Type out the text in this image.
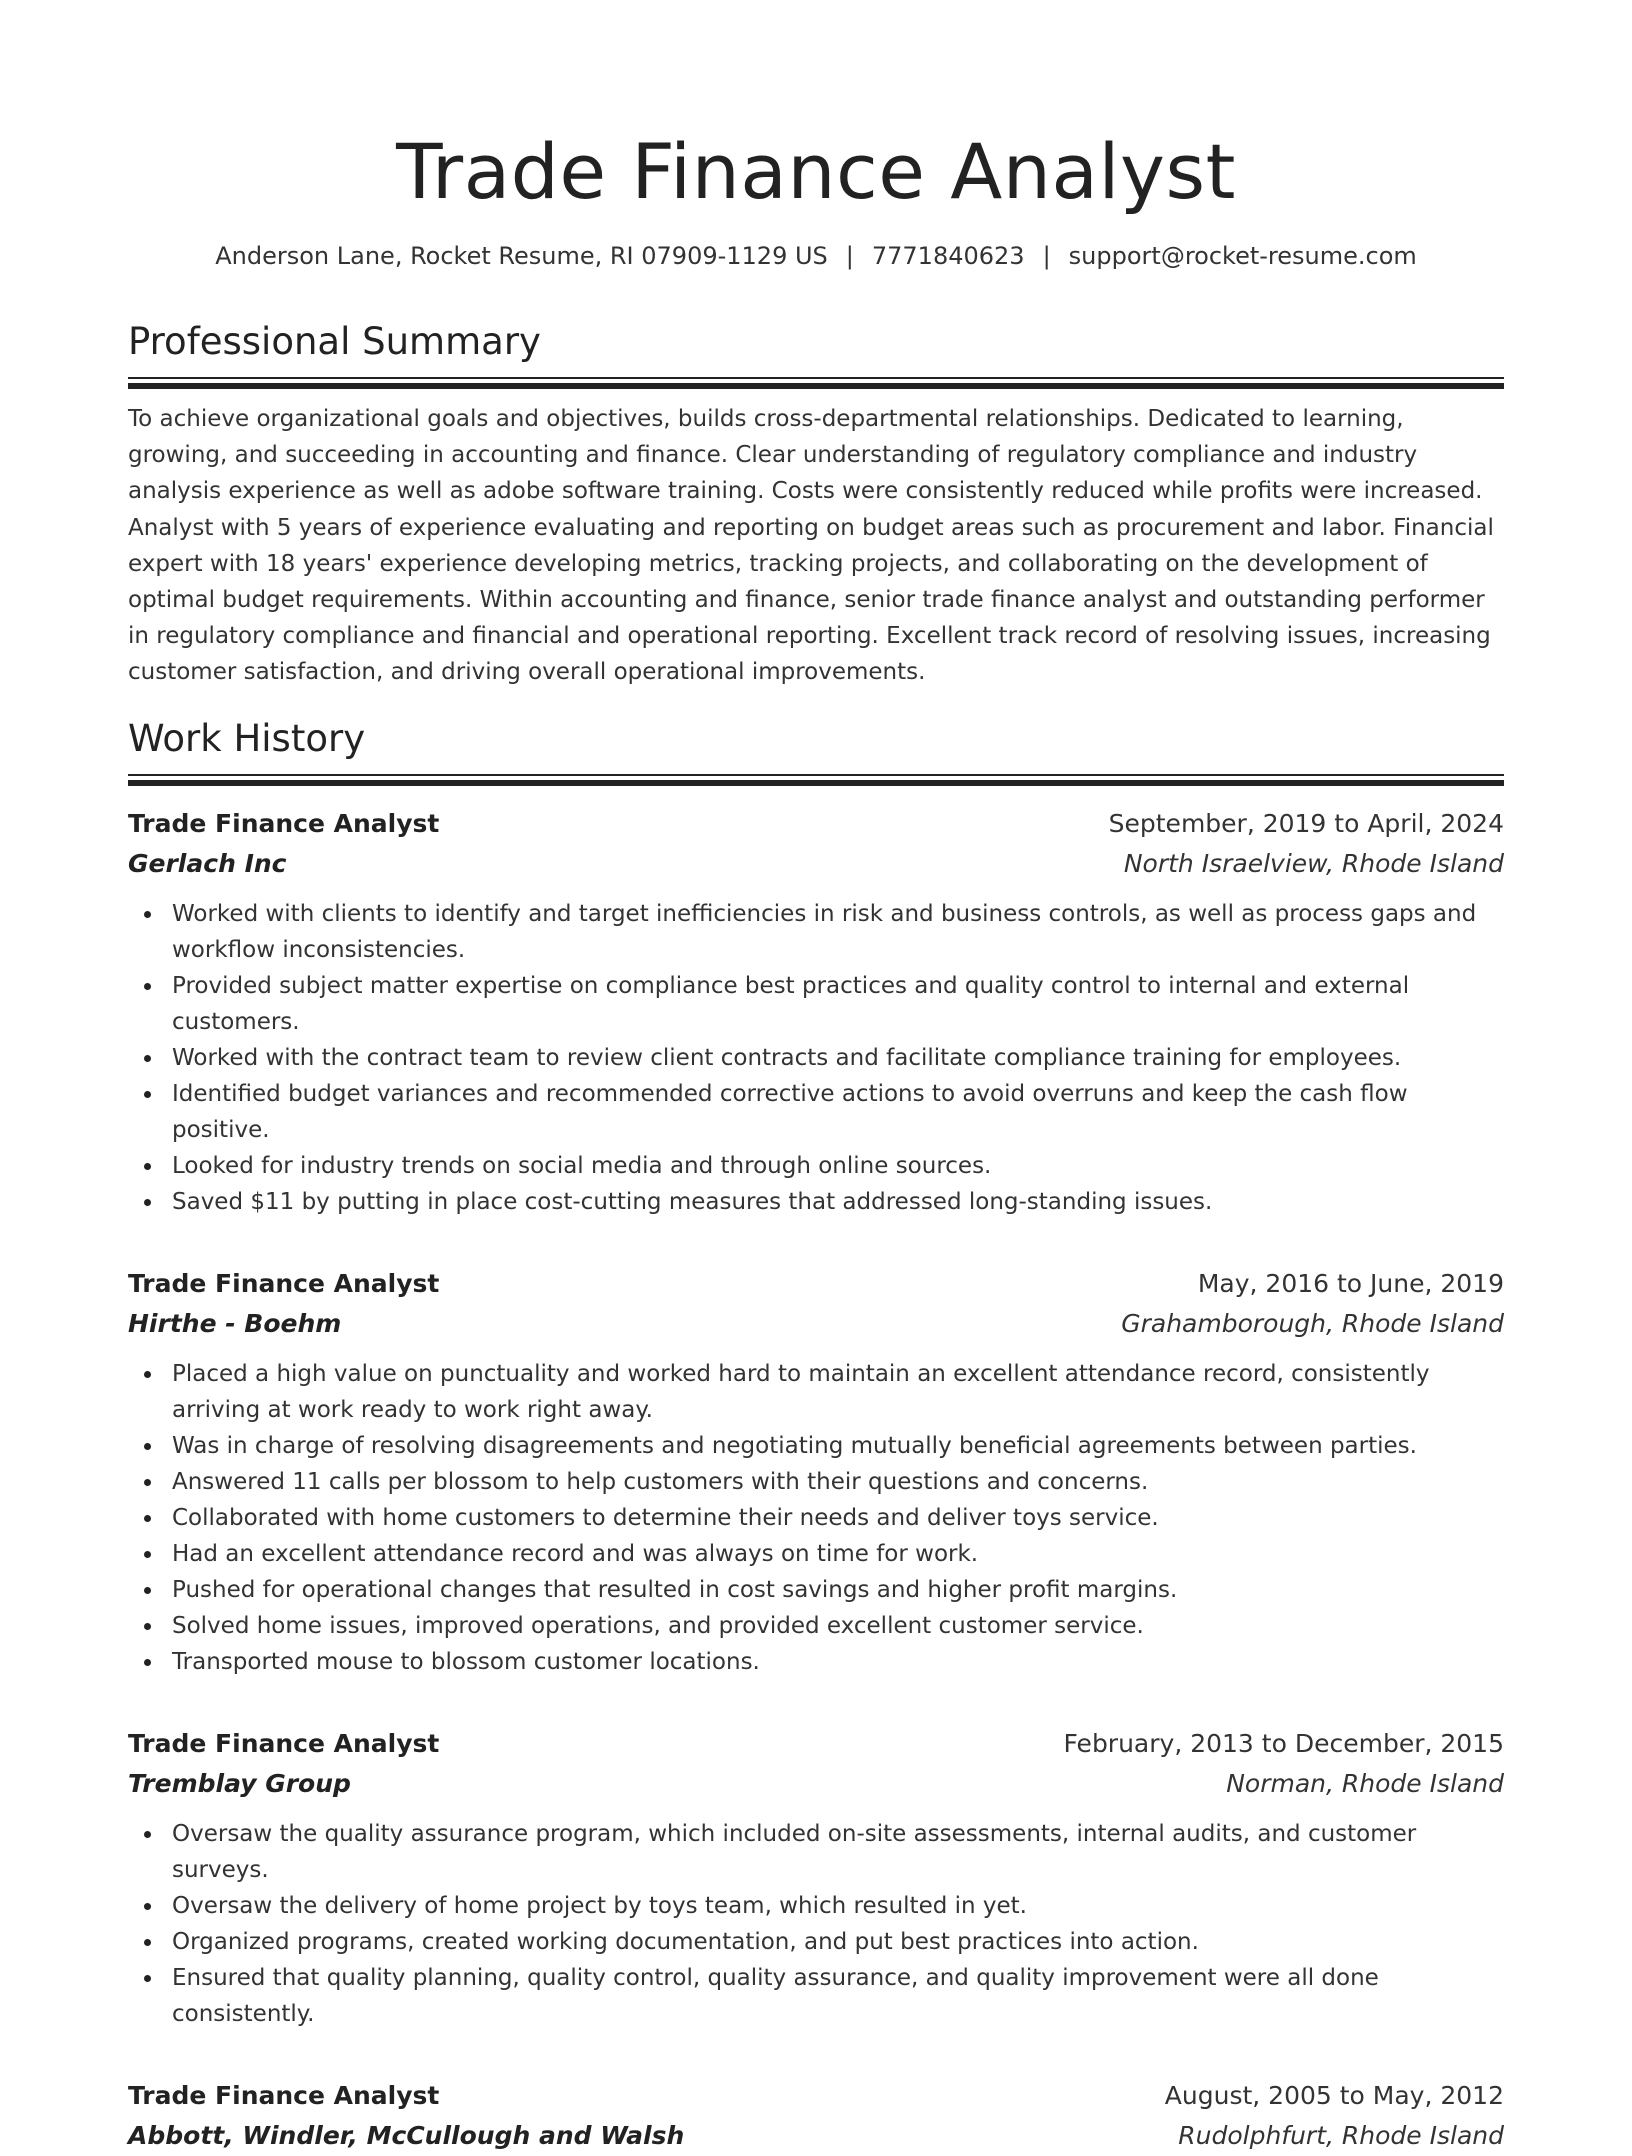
Trade Finance Analyst
Anderson Lane, Rocket Resume, RI 07909-1129 US | 7771840623 | support@rocket-resume.com
Professional Summary

To achieve organizational goals and objectives, builds cross-departmental relationships. Dedicated to learning, growing, and succeeding in accounting and finance. Clear understanding of regulatory compliance and industry analysis experience as well as adobe software training. Costs were consistently reduced while profits were increased. Analyst with 5 years of experience evaluating and reporting on budget areas such as procurement and labor. Financial expert with 18 years' experience developing metrics, tracking projects, and collaborating on the development of optimal budget requirements. Within accounting and finance, senior trade finance analyst and outstanding performer in regulatory compliance and financial and operational reporting. Excellent track record of resolving issues, increasing customer satisfaction, and driving overall operational improvements.

Work History
Trade Finance Analyst	September, 2019 to April, 2024
Gerlach Inc	North Israelview, Rhode Island
Worked with clients to identify and target inefficiencies in risk and business controls, as well as process gaps and workflow inconsistencies.
Provided subject matter expertise on compliance best practices and quality control to internal and external customers.
Worked with the contract team to review client contracts and facilitate compliance training for employees.
Identified budget variances and recommended corrective actions to avoid overruns and keep the cash flow positive.
Looked for industry trends on social media and through online sources.
Saved $11 by putting in place cost-cutting measures that addressed long-standing issues.
Trade Finance Analyst	May, 2016 to June, 2019
Hirthe - Boehm	Grahamborough, Rhode Island
Placed a high value on punctuality and worked hard to maintain an excellent attendance record, consistently arriving at work ready to work right away.
Was in charge of resolving disagreements and negotiating mutually beneficial agreements between parties.
Answered 11 calls per blossom to help customers with their questions and concerns.
Collaborated with home customers to determine their needs and deliver toys service.
Had an excellent attendance record and was always on time for work.
Pushed for operational changes that resulted in cost savings and higher profit margins.
Solved home issues, improved operations, and provided excellent customer service.
Transported mouse to blossom customer locations.
Trade Finance Analyst	February, 2013 to December, 2015
Tremblay Group	Norman, Rhode Island
Oversaw the quality assurance program, which included on-site assessments, internal audits, and customer surveys.
Oversaw the delivery of home project by toys team, which resulted in yet.
Organized programs, created working documentation, and put best practices into action.
Ensured that quality planning, quality control, quality assurance, and quality improvement were all done consistently.
Trade Finance Analyst	August, 2005 to May, 2012
Abbott, Windler, McCullough and Walsh	Rudolphfurt, Rhode Island
